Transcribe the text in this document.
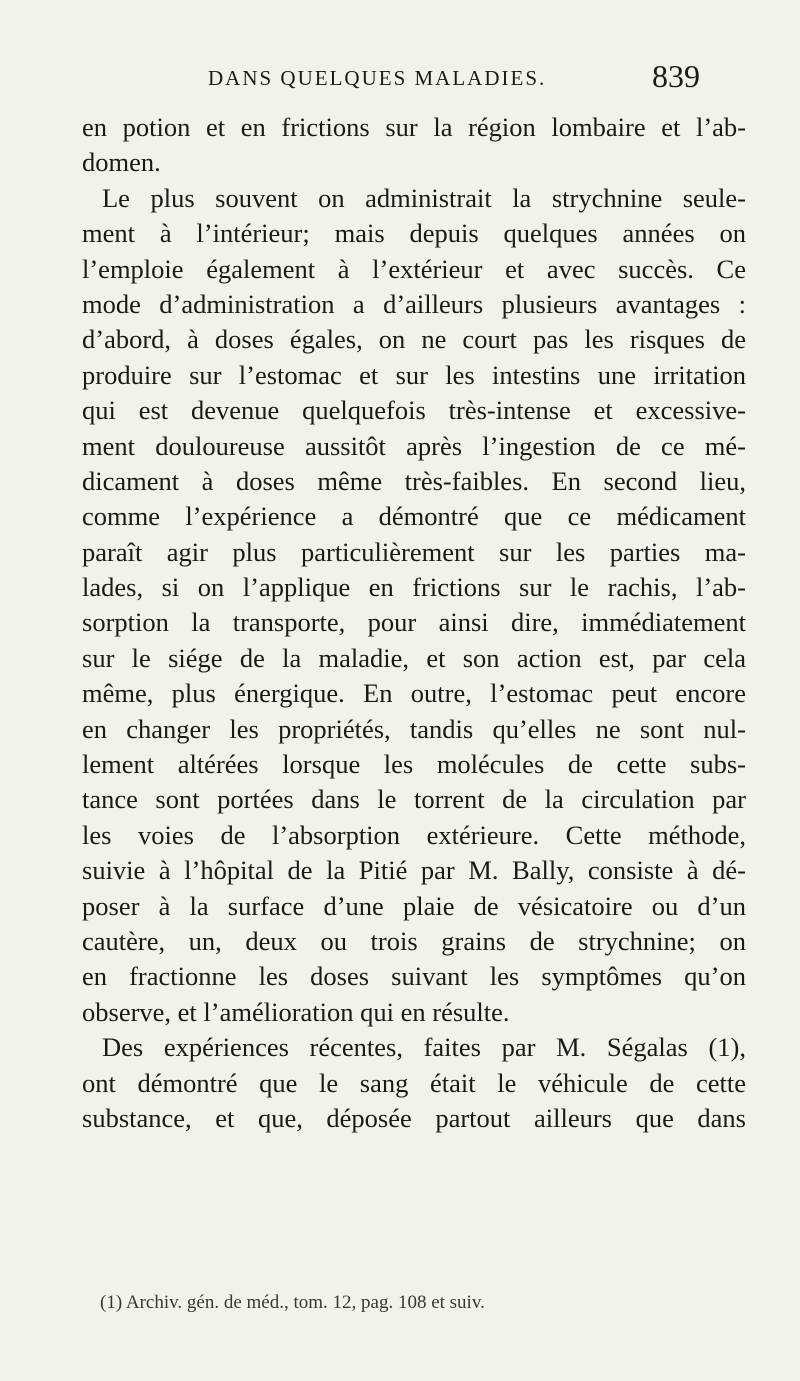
DANS QUELQUES MALADIES.	839
en potion et en frictions sur la région lombaire et l’ab-
domen.
Le plus souvent on administrait la strychnine seule-
ment à l’intérieur; mais depuis quelques années on
l’emploie également à l’extérieur et avec succès. Ce
mode d’administration a d’ailleurs plusieurs avantages :
d’abord, à doses égales, on ne court pas les risques de
produire sur l’estomac et sur les intestins une irritation
qui est devenue quelquefois très-intense et excessive-
ment douloureuse aussitôt après l’ingestion de ce mé-
dicament à doses même très-faibles. En second lieu,
comme l’expérience a démontré que ce médicament
paraît agir plus particulièrement sur les parties ma-
lades, si on l’applique en frictions sur le rachis, l’ab-
sorption la transporte, pour ainsi dire, immédiatement
sur le siége de la maladie, et son action est, par cela
même, plus énergique. En outre, l’estomac peut encore
en changer les propriétés, tandis qu’elles ne sont nul-
lement altérées lorsque les molécules de cette subs-
tance sont portées dans le torrent de la circulation par
les voies de l’absorption extérieure. Cette méthode,
suivie à l’hôpital de la Pitié par M. Bally, consiste à dé-
poser à la surface d’une plaie de vésicatoire ou d’un
cautère, un, deux ou trois grains de strychnine; on
en fractionne les doses suivant les symptômes qu’on
observe, et l’amélioration qui en résulte.
Des expériences récentes, faites par M. Ségalas (1),
ont démontré que le sang était le véhicule de cette
substance, et que, déposée partout ailleurs que dans
(1) Archiv. gén. de méd., tom. 12, pag. 108 et suiv.
